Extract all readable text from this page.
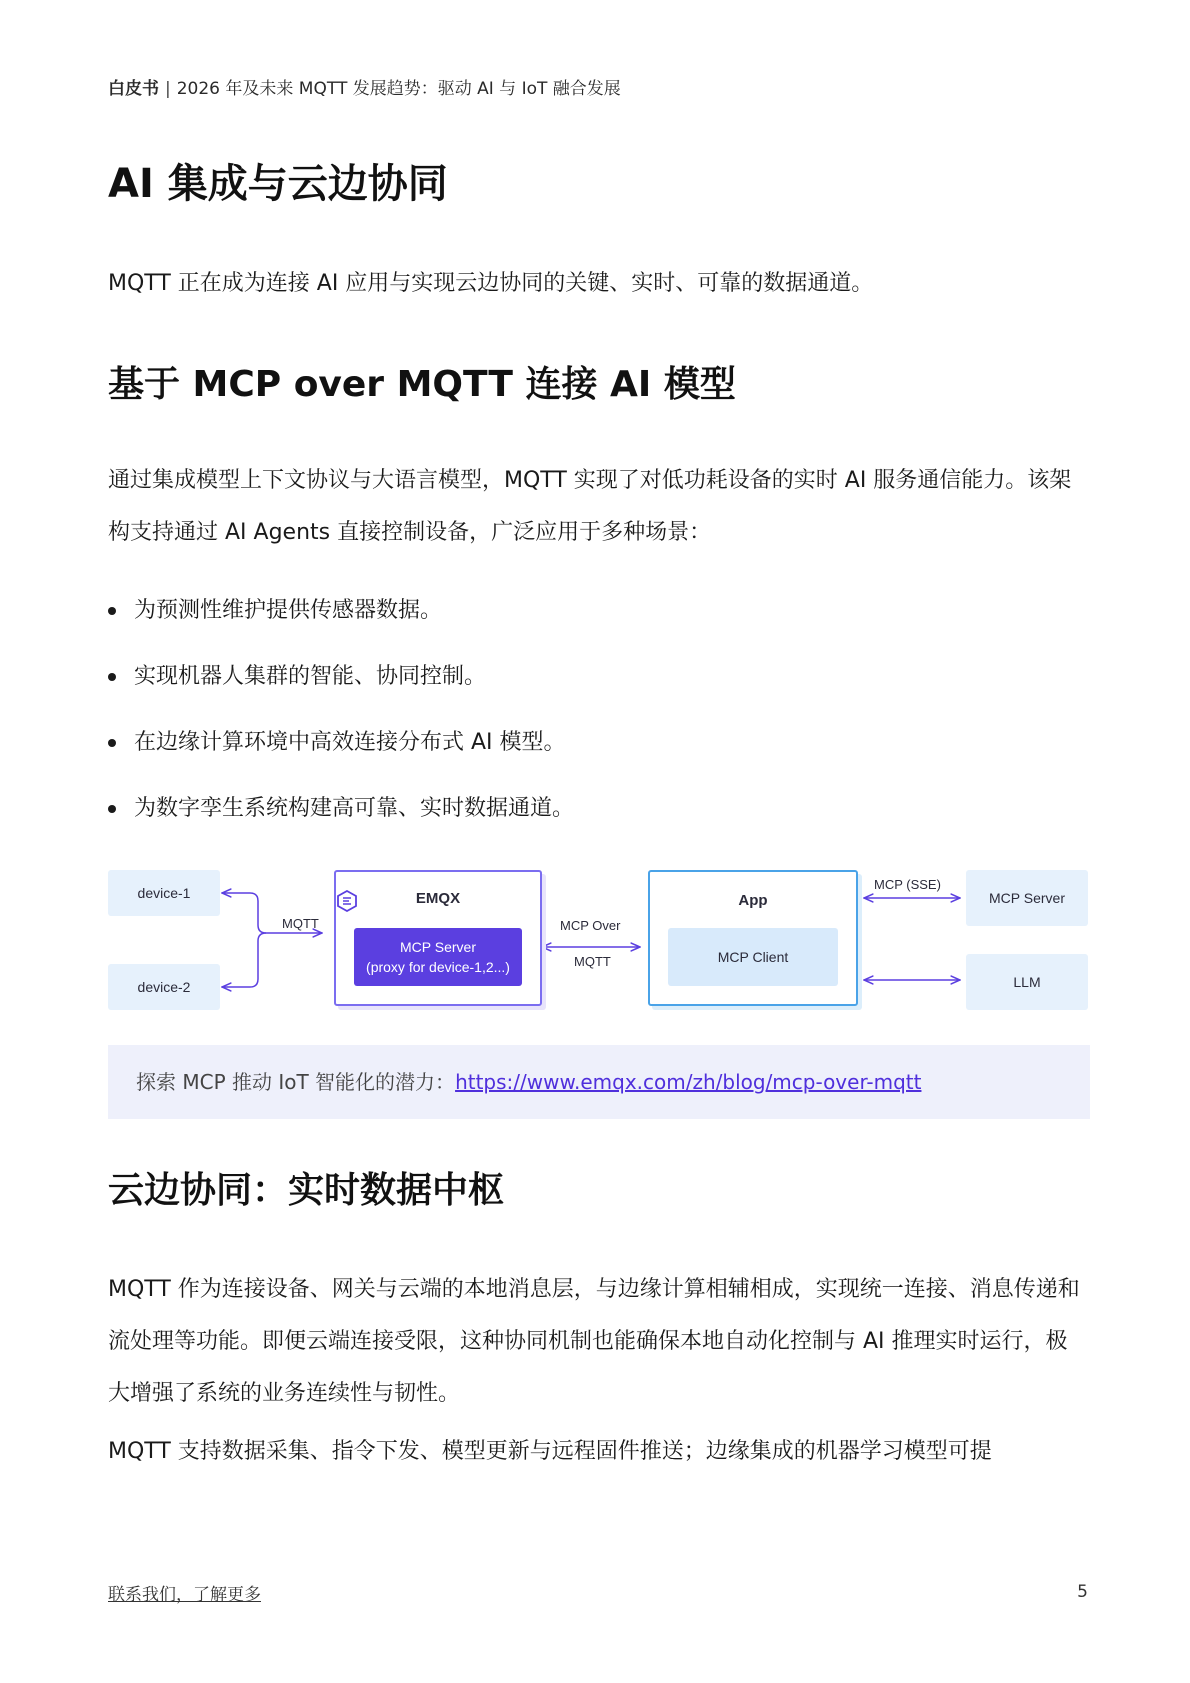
白皮书 | 2026 年及未来 MQTT 发展趋势：驱动 AI 与 IoT 融合发展
AI 集成与云边协同

MQTT 正在成为连接 AI 应用与实现云边协同的关键、实时、可靠的数据通道。

基于 MCP over MQTT 连接 AI 模型

通过集成模型上下文协议与大语言模型，MQTT 实现了对低功耗设备的实时 AI 服务通信能力。该架构支持通过 AI Agents 直接控制设备，广泛应用于多种场景：

为预测性维护提供传感器数据。
实现机器人集群的智能、协同控制。
在边缘计算环境中高效连接分布式 AI 模型。
为数字孪生系统构建高可靠、实时数据通道。
device-1
device-2
MQTT
EMQX
MCP Server
(proxy for device-1,2...)
MCP Over
MQTT
App
MCP Client
MCP (SSE)
MCP Server
LLM
探索 MCP 推动 IoT 智能化的潜力：https://www.emqx.com/zh/blog/mcp-over-mqtt
云边协同：实时数据中枢

MQTT 作为连接设备、网关与云端的本地消息层，与边缘计算相辅相成，实现统一连接、消息传递和流处理等功能。即便云端连接受限，这种协同机制也能确保本地自动化控制与 AI 推理实时运行，极大增强了系统的业务连续性与韧性。

MQTT 支持数据采集、指令下发、模型更新与远程固件推送；边缘集成的机器学习模型可提

联系我们，了解更多	5
